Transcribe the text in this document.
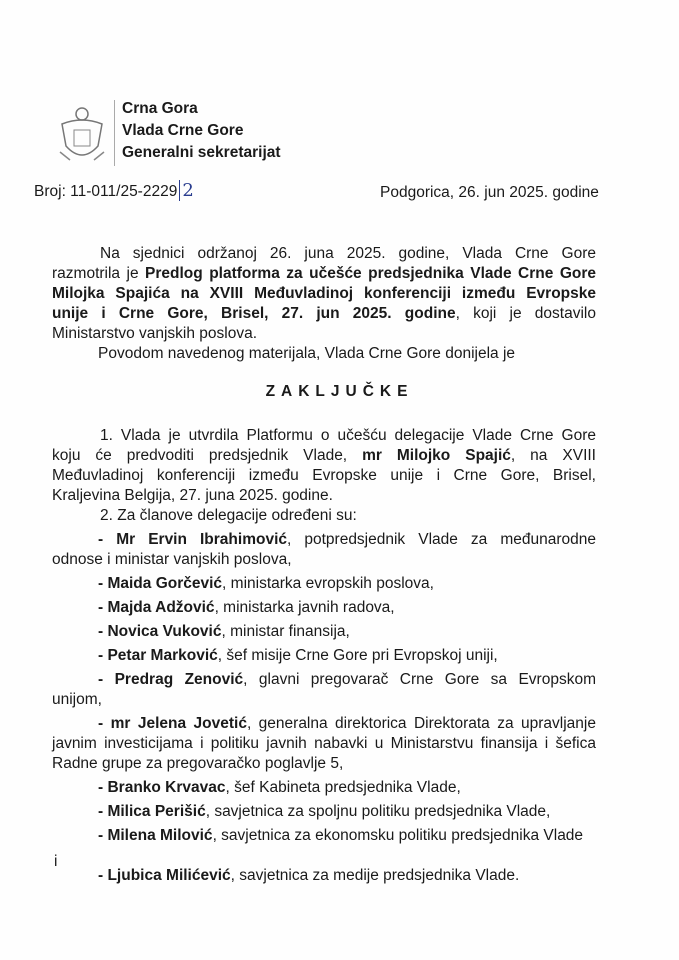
Crna Gora
Vlada Crne Gore
Generalni sekretarijat
Broj: 11-011/25-2229 2	Podgorica, 26. jun 2025. godine
Na sjednici održanoj 26. juna 2025. godine, Vlada Crne Gore
razmotrila je Predlog platforma za učešće predsjednika Vlade Crne Gore
Milojka Spajića na XVIII Međuvladinoj konferenciji između Evropske
unije i Crne Gore, Brisel, 27. jun 2025. godine, koji je dostavilo
Ministarstvo vanjskih poslova.
Povodom navedenog materijala, Vlada Crne Gore donijela je
ZAKLJUČKE
1. Vlada je utvrdila Platformu o učešću delegacije Vlade Crne Gore
koju će predvoditi predsjednik Vlade, mr Milojko Spajić, na XVIII
Međuvladinoj konferenciji između Evropske unije i Crne Gore, Brisel,
Kraljevina Belgija, 27. juna 2025. godine.
2. Za članove delegacije određeni su:
- Mr Ervin Ibrahimović, potpredsjednik Vlade za međunarodne
odnose i ministar vanjskih poslova,
- Maida Gorčević, ministarka evropskih poslova,
- Majda Adžović, ministarka javnih radova,
- Novica Vuković, ministar finansija,
- Petar Marković, šef misije Crne Gore pri Evropskoj uniji,
- Predrag Zenović, glavni pregovarač Crne Gore sa Evropskom
unijom,
- mr Jelena Jovetić, generalna direktorica Direktorata za upravljanje
javnim investicijama i politiku javnih nabavki u Ministarstvu finansija i šefica
Radne grupe za pregovaračko poglavlje 5,
- Branko Krvavac, šef Kabineta predsjednika Vlade,
- Milica Perišić, savjetnica za spoljnu politiku predsjednika Vlade,
- Milena Milović, savjetnica za ekonomsku politiku predsjednika Vlade
- Ljubica Milićević, savjetnica za medije predsjednika Vlade.
i
